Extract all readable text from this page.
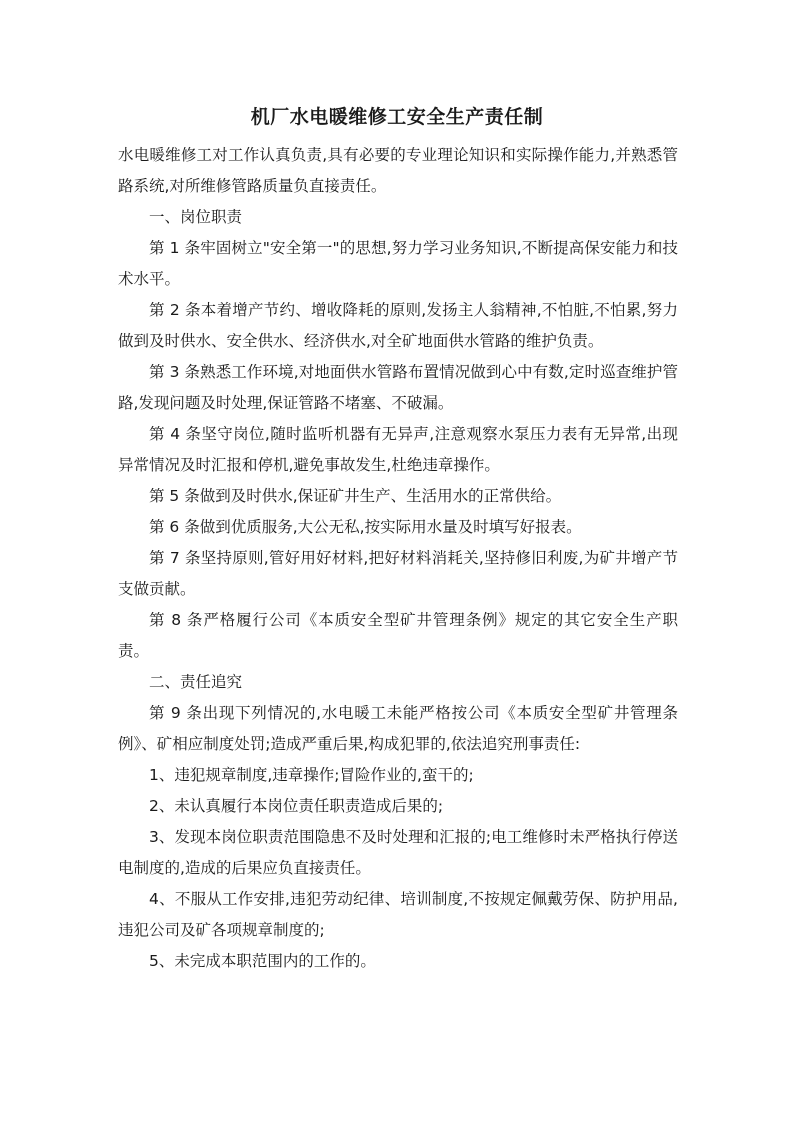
机厂水电暖维修工安全生产责任制

水电暖维修工对工作认真负责,具有必要的专业理论知识和实际操作能力,并熟悉管路系统,对所维修管路质量负直接责任。

一、岗位职责

第 1 条牢固树立"安全第一"的思想,努力学习业务知识,不断提高保安能力和技术水平。

第 2 条本着增产节约、增收降耗的原则,发扬主人翁精神,不怕脏,不怕累,努力做到及时供水、安全供水、经济供水,对全矿地面供水管路的维护负责。

第 3 条熟悉工作环境,对地面供水管路布置情况做到心中有数,定时巡查维护管路,发现问题及时处理,保证管路不堵塞、不破漏。

第 4 条坚守岗位,随时监听机器有无异声,注意观察水泵压力表有无异常,出现异常情况及时汇报和停机,避免事故发生,杜绝违章操作。

第 5 条做到及时供水,保证矿井生产、生活用水的正常供给。

第 6 条做到优质服务,大公无私,按实际用水量及时填写好报表。

第 7 条坚持原则,管好用好材料,把好材料消耗关,坚持修旧利废,为矿井增产节支做贡献。

第 8 条严格履行公司《本质安全型矿井管理条例》规定的其它安全生产职责。

二、责任追究

第 9 条出现下列情况的,水电暖工未能严格按公司《本质安全型矿井管理条例》、矿相应制度处罚;造成严重后果,构成犯罪的,依法追究刑事责任:

1、违犯规章制度,违章操作;冒险作业的,蛮干的;

2、未认真履行本岗位责任职责造成后果的;

3、发现本岗位职责范围隐患不及时处理和汇报的;电工维修时未严格执行停送电制度的,造成的后果应负直接责任。

4、不服从工作安排,违犯劳动纪律、培训制度,不按规定佩戴劳保、防护用品,违犯公司及矿各项规章制度的;

5、未完成本职范围内的工作的。
